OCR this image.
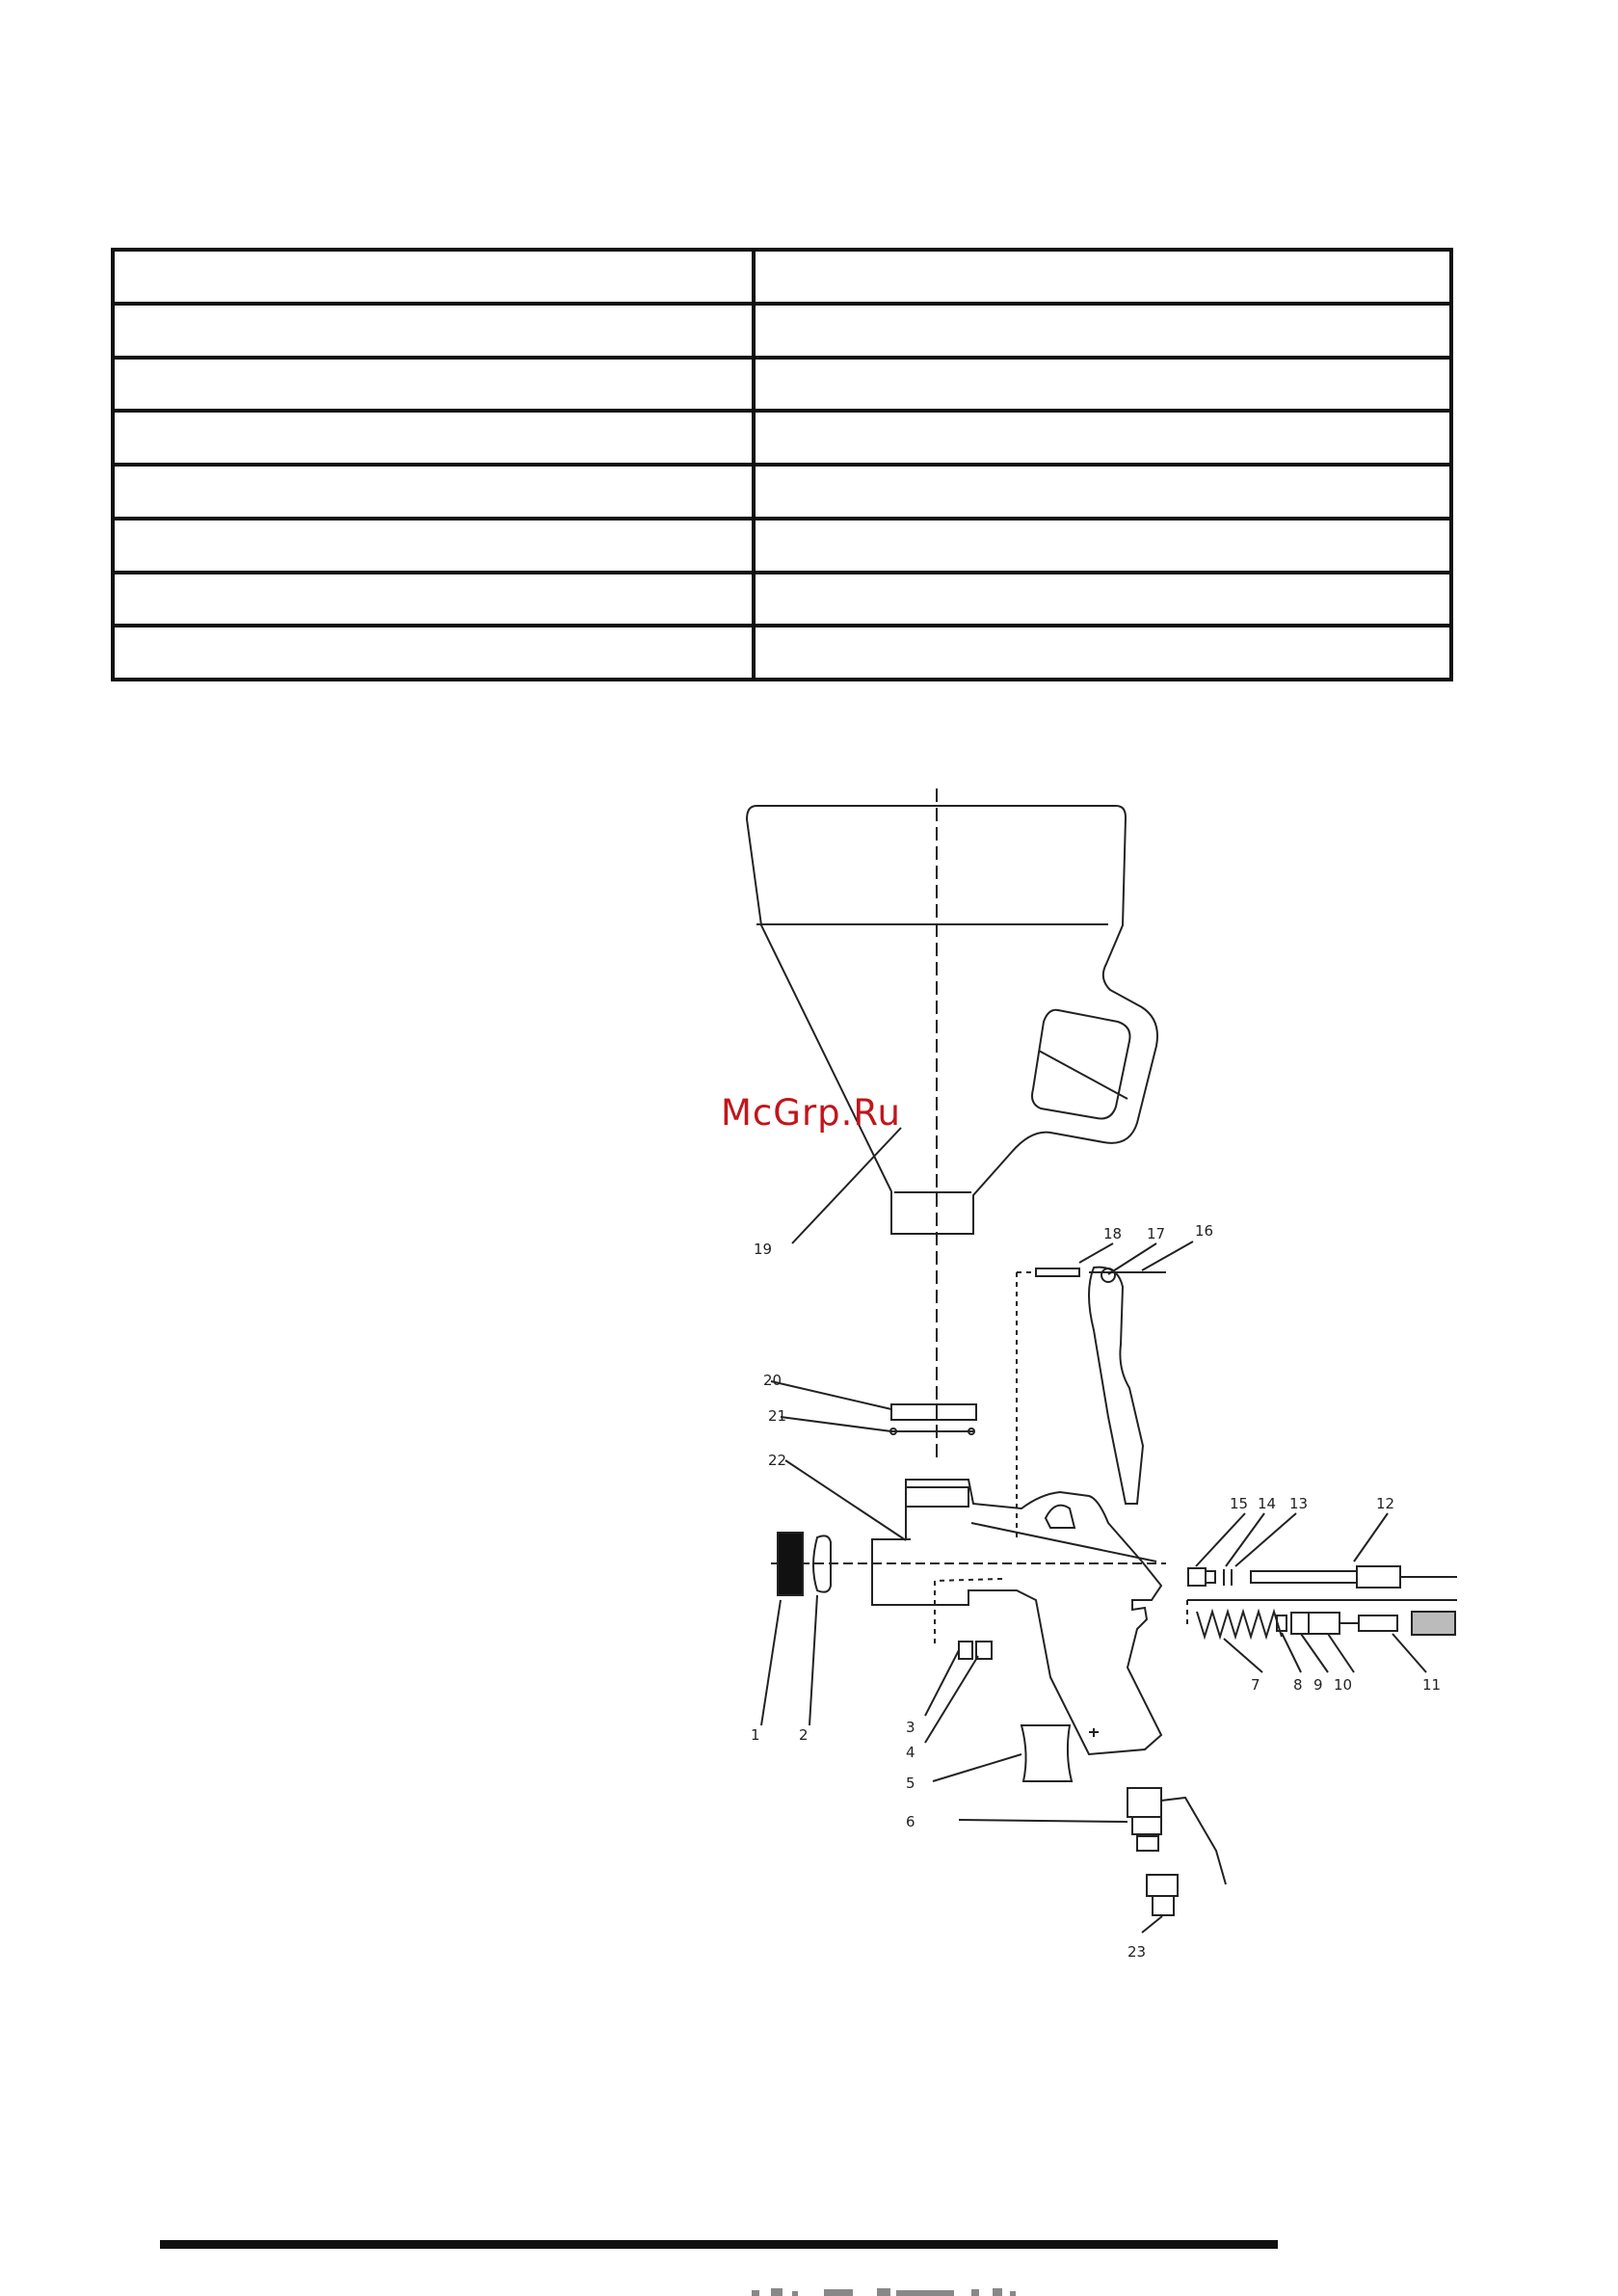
1	2	3
4
5
6
7 8 9 10	11
12
13
14
15
16
17
18
19
20
21
22
23
McGrp.Ru
